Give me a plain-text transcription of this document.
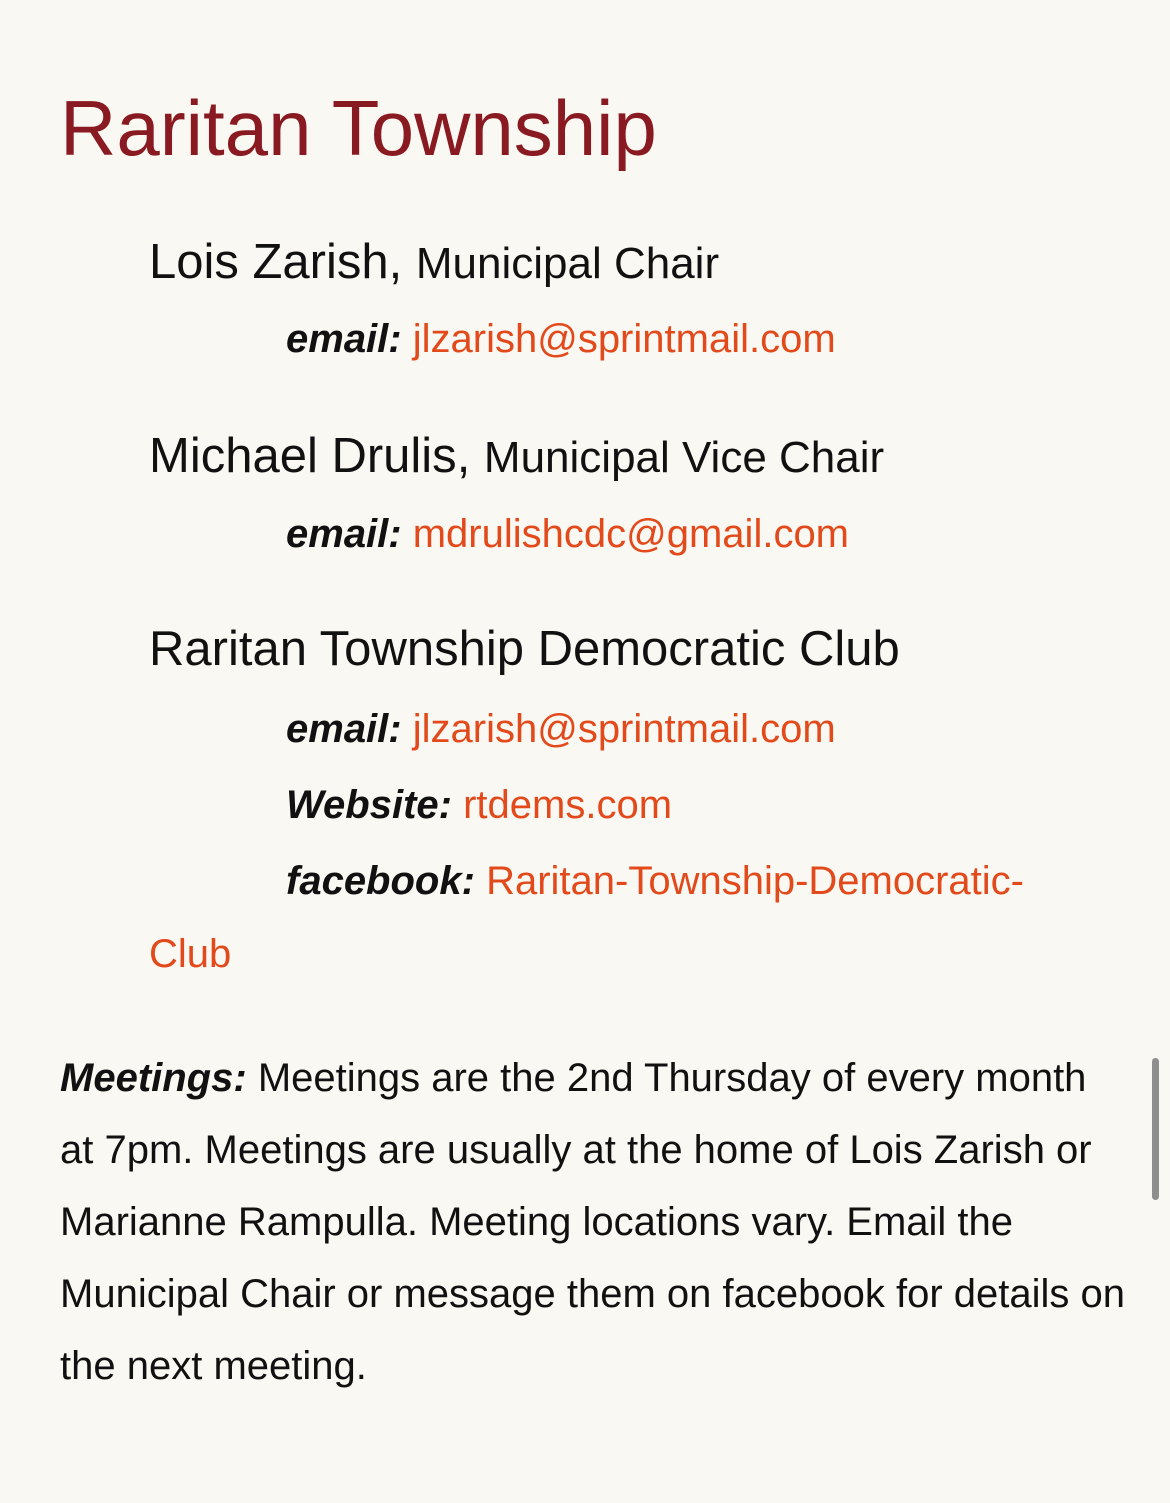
Raritan Township

Lois Zarish, Municipal Chair

email: jlzarish@sprintmail.com

Michael Drulis, Municipal Vice Chair

email: mdrulishcdc@gmail.com

Raritan Township Democratic Club

email: jlzarish@sprintmail.com

Website: rtdems.com

facebook: Raritan-Township-Democratic-

Club

Meetings: Meetings are the 2nd Thursday of every month at 7pm. Meetings are usually at the home of Lois Zarish or Marianne Rampulla. Meeting locations vary. Email the Municipal Chair or message them on facebook for details on the next meeting.
